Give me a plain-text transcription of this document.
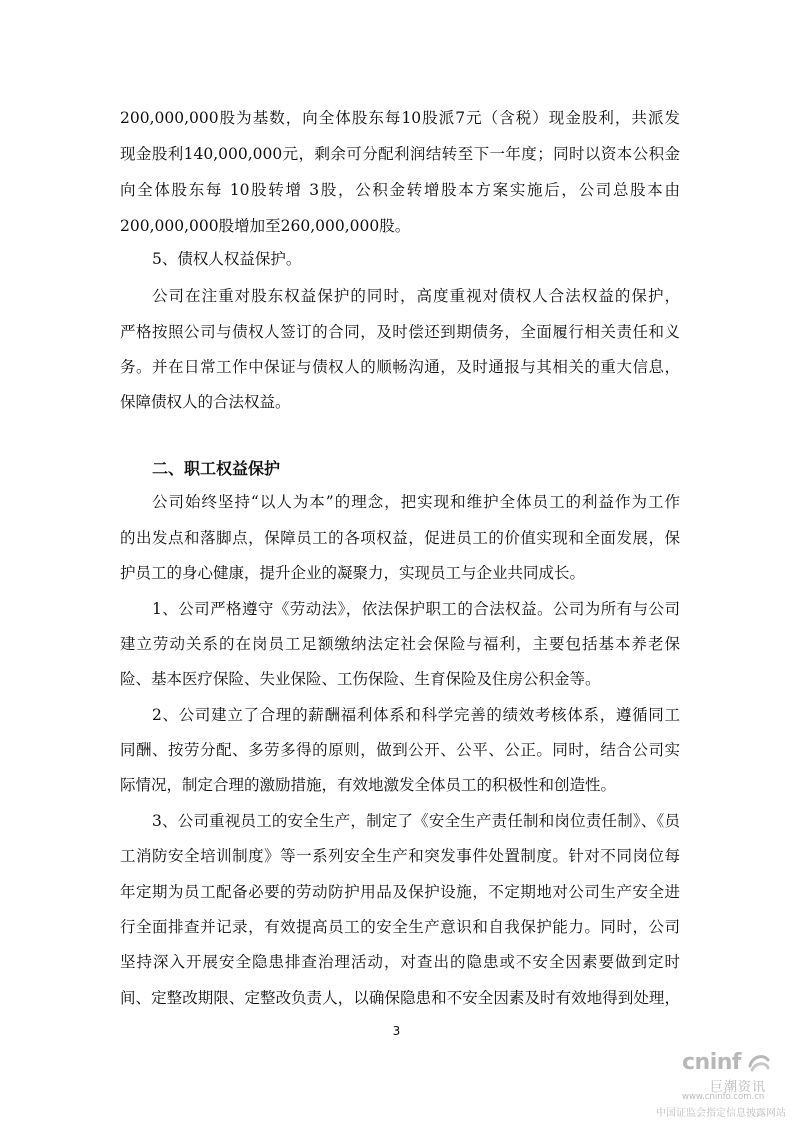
200,000,000股为基数，向全体股东每10股派7元（含税）现金股利，共派发
现金股利140,000,000元，剩余可分配利润结转至下一年度；同时以资本公积金
向全体股东每 10股转增 3股，公积金转增股本方案实施后，公司总股本由
200,000,000股增加至260,000,000股。
5、债权人权益保护。
公司在注重对股东权益保护的同时，高度重视对债权人合法权益的保护，
严格按照公司与债权人签订的合同，及时偿还到期债务，全面履行相关责任和义
务。并在日常工作中保证与债权人的顺畅沟通，及时通报与其相关的重大信息，
保障债权人的合法权益。
二、职工权益保护
公司始终坚持“以人为本”的理念，把实现和维护全体员工的利益作为工作
的出发点和落脚点，保障员工的各项权益，促进员工的价值实现和全面发展，保
护员工的身心健康，提升企业的凝聚力，实现员工与企业共同成长。
1、公司严格遵守《劳动法》，依法保护职工的合法权益。公司为所有与公司
建立劳动关系的在岗员工足额缴纳法定社会保险与福利，主要包括基本养老保
险、基本医疗保险、失业保险、工伤保险、生育保险及住房公积金等。
2、公司建立了合理的薪酬福利体系和科学完善的绩效考核体系，遵循同工
同酬、按劳分配、多劳多得的原则，做到公开、公平、公正。同时，结合公司实
际情况，制定合理的激励措施，有效地激发全体员工的积极性和创造性。
3、公司重视员工的安全生产，制定了《安全生产责任制和岗位责任制》、《员
工消防安全培训制度》等一系列安全生产和突发事件处置制度。针对不同岗位每
年定期为员工配备必要的劳动防护用品及保护设施，不定期地对公司生产安全进
行全面排查并记录，有效提高员工的安全生产意识和自我保护能力。同时，公司
坚持深入开展安全隐患排查治理活动，对查出的隐患或不安全因素要做到定时
间、定整改期限、定整改负责人，以确保隐患和不安全因素及时有效地得到处理，
3
cninf
巨潮资讯
www.cninfo.com.cn
中国证监会指定信息披露网站
